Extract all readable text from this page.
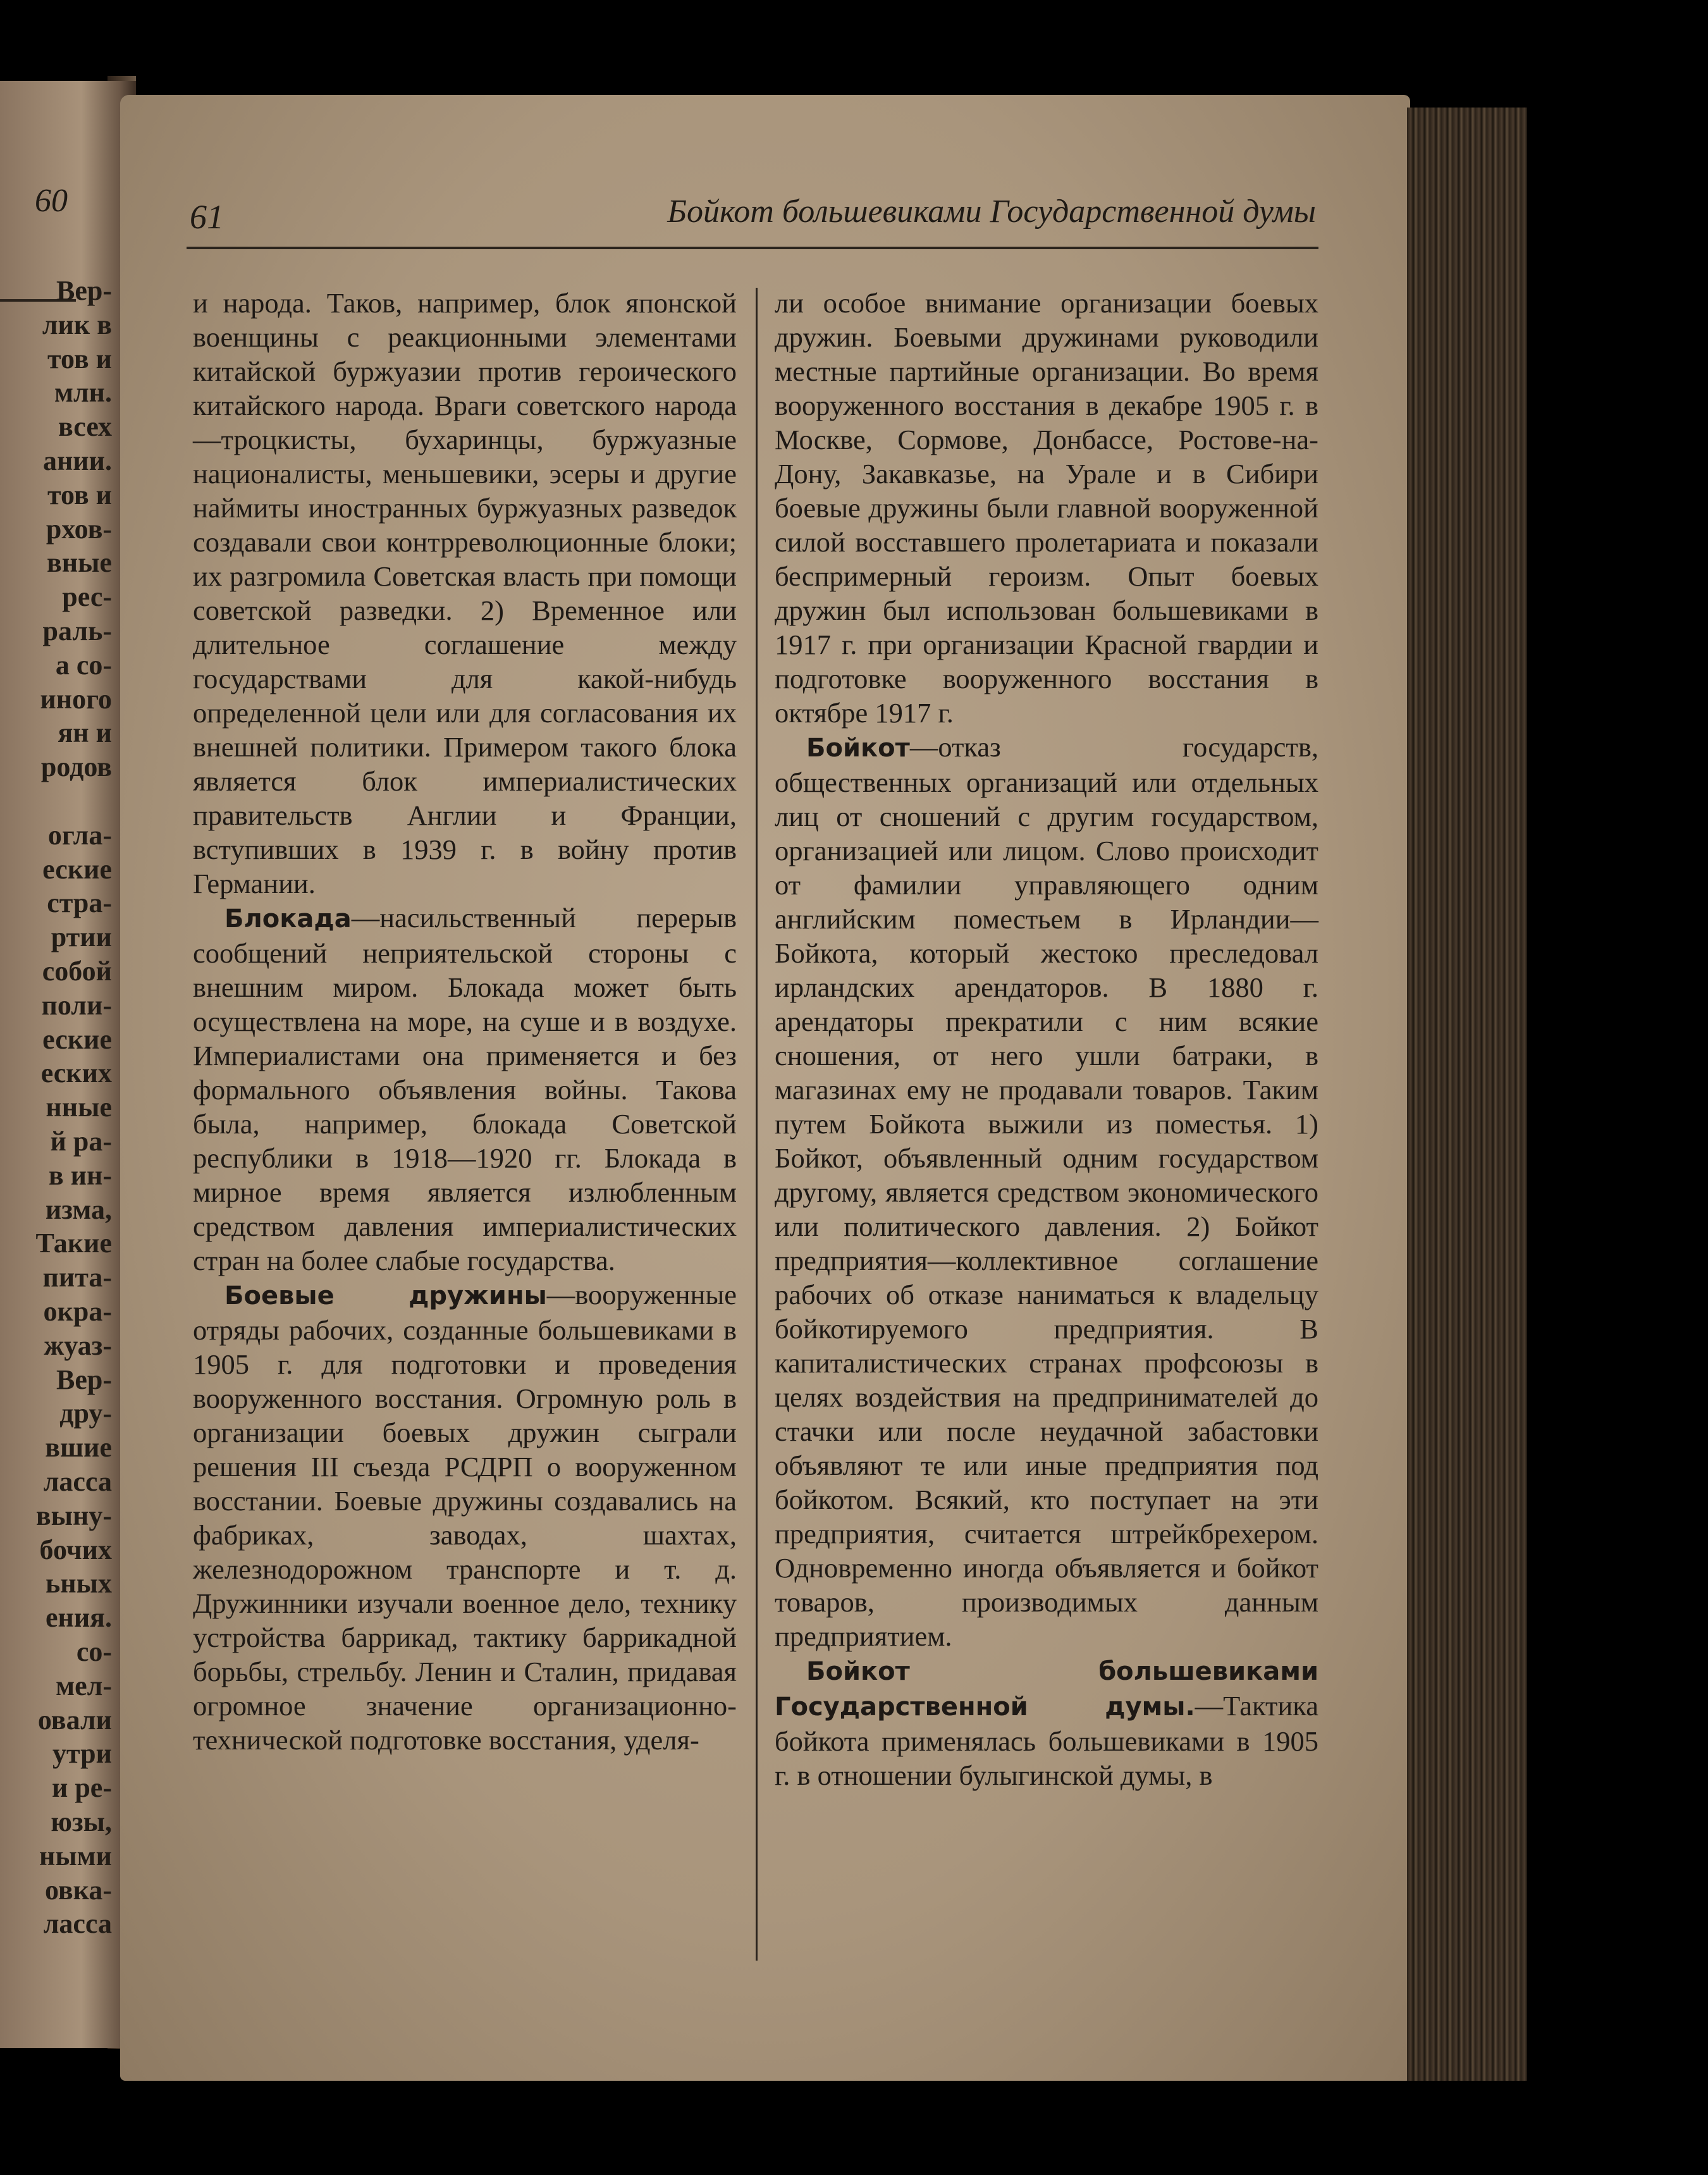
60
Вер-
лик в
тов и
млн.
всех
ании.
тов и
рхов-
вные
рес-
раль-
а со-
иного
ян и
родов
огла-
еские
стра-
ртии
собой
поли-
еские
еских
нные
й ра-
в ин-
изма,
Такие
пита-
окра-
жуаз-
Вер-
дру-
вшие
ласса
вынy-
бочих
ьных
ения.
со-
мел-
овали
утри
и ре-
юзы,
ными
овка-
ласса
61	Бойкот большевиками Государственной думы

и народа. Таков, например, блок японской военщины с реакционными элементами китайской буржуазии против героического китайского народа. Враги советского народа—троцкисты, бухаринцы, буржуазные националисты, меньшевики, эсеры и другие наймиты иностранных буржуазных разведок создавали свои контрреволюционные блоки; их разгромила Советская власть при помощи советской разведки. 2) Временное или длительное соглашение между государствами для какой-нибудь определенной цели или для согласования их внешней политики. Примером такого блока является блок империалистических правительств Англии и Франции, вступивших в 1939 г. в войну против Германии.

Блокада—насильственный перерыв сообщений неприятельской стороны с внешним миром. Блокада может быть осуществлена на море, на суше и в воздухе. Империалистами она применяется и без формального объявления войны. Такова была, например, блокада Советской республики в 1918—1920 гг. Блокада в мирное время является излюбленным средством давления империалистических стран на более слабые государства.

Боевые дружины—вооруженные отряды рабочих, созданные большевиками в 1905 г. для подготовки и проведения вооруженного восстания. Огромную роль в организации боевых дружин сыграли решения III съезда РСДРП о вооруженном восстании. Боевые дружины создавались на фабриках, заводах, шахтах, железнодорожном транспорте и т. д. Дружинники изучали военное дело, технику устройства баррикад, тактику баррикадной борьбы, стрельбу. Ленин и Сталин, придавая огромное значение организационно-технической подготовке восстания, уделя-

ли особое внимание организации боевых дружин. Боевыми дружинами руководили местные партийные организации. Во время вооруженного восстания в декабре 1905 г. в Москве, Сормове, Донбассе, Ростове-на-Дону, Закавказье, на Урале и в Сибири боевые дружины были главной вооруженной силой восставшего пролетариата и показали беспримерный героизм. Опыт боевых дружин был использован большевиками в 1917 г. при организации Красной гвардии и подготовке вооруженного восстания в октябре 1917 г.

Бойкот—отказ государств, общественных организаций или отдельных лиц от сношений с другим государством, организацией или лицом. Слово происходит от фамилии управляющего одним английским поместьем в Ирландии—Бойкота, который жестоко преследовал ирландских арендаторов. В 1880 г. арендаторы прекратили с ним всякие сношения, от него ушли батраки, в магазинах ему не продавали товаров. Таким путем Бойкота выжили из поместья. 1) Бойкот, объявленный одним государством другому, является средством экономического или политического давления. 2) Бойкот предприятия—коллективное соглашение рабочих об отказе наниматься к владельцу бойкотируемого предприятия. В капиталистических странах профсоюзы в целях воздействия на предпринимателей до стачки или после неудачной забастовки объявляют те или иные предприятия под бойкотом. Всякий, кто поступает на эти предприятия, считается штрейкбрехером. Одновременно иногда объявляется и бойкот товаров, производимых данным предприятием.

Бойкот большевиками Государственной думы.—Тактика бойкота применялась большевиками в 1905 г. в отношении булыгинской думы, в
